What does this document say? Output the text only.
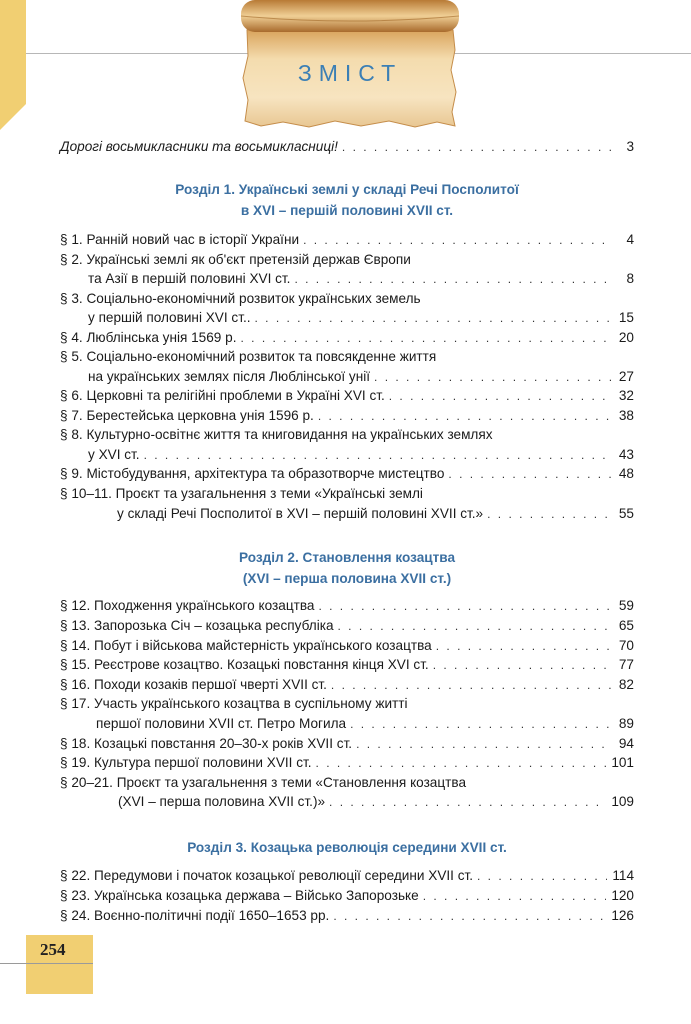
ЗМІСТ
Дорогі восьмикласники та восьмикласниці! . . .	3
Розділ 1. Українські землі у складі Речі Посполитої
в XVI – першій половині XVII ст.
§ 1. Ранній новий час в історії України . . .	4
§ 2. Українські землі як об'єкт претензій держав Європи
та Азії в першій половині XVI ст. . . .	8
§ 3. Соціально-економічний розвиток українських земель
у першій половині XVI ст.. . . .	15
§ 4. Люблінська унія 1569 р. . . .	20
§ 5. Соціально-економічний розвиток та повсякденне життя
на українських землях після Люблінської унії . . .	27
§ 6. Церковні та релігійні проблеми в Україні XVI ст. . . .	32
§ 7. Берестейська церковна унія 1596 р. . . .	38
§ 8. Культурно-освітнє життя та книговидання на українських землях
у XVI ст. . . .	43
§ 9. Містобудування, архітектура та образотворче мистецтво . . .	48
§ 10–11. Проєкт та узагальнення з теми «Українські землі
у складі Речі Посполитої в XVI – першій половині XVII ст.» . . .	55
Розділ 2. Становлення козацтва
(XVI – перша половина XVII ст.)
§ 12. Походження українського козацтва . . .	59
§ 13. Запорозька Січ – козацька республіка . . .	65
§ 14. Побут і військова майстерність українського козацтва . . .	70
§ 15. Реєстрове козацтво. Козацькі повстання кінця XVI ст. . . .	77
§ 16. Походи козаків першої чверті XVII ст. . . .	82
§ 17. Участь українського козацтва в суспільному житті
першої половини XVII ст. Петро Могила . . .	89
§ 18. Козацькі повстання 20–30-х років XVII ст. . . .	94
§ 19. Культура першої половини XVII ст. . . .	101
§ 20–21. Проєкт та узагальнення з теми «Становлення козацтва
(XVI – перша половина XVII ст.)» . . .	109
Розділ 3. Козацька революція середини XVII ст.
§ 22. Передумови і початок козацької революції середини XVII ст. . . .	114
§ 23. Українська козацька держава – Військо Запорозьке . . .	120
§ 24. Воєнно-політичні події 1650–1653 рр. . . .	126
254
